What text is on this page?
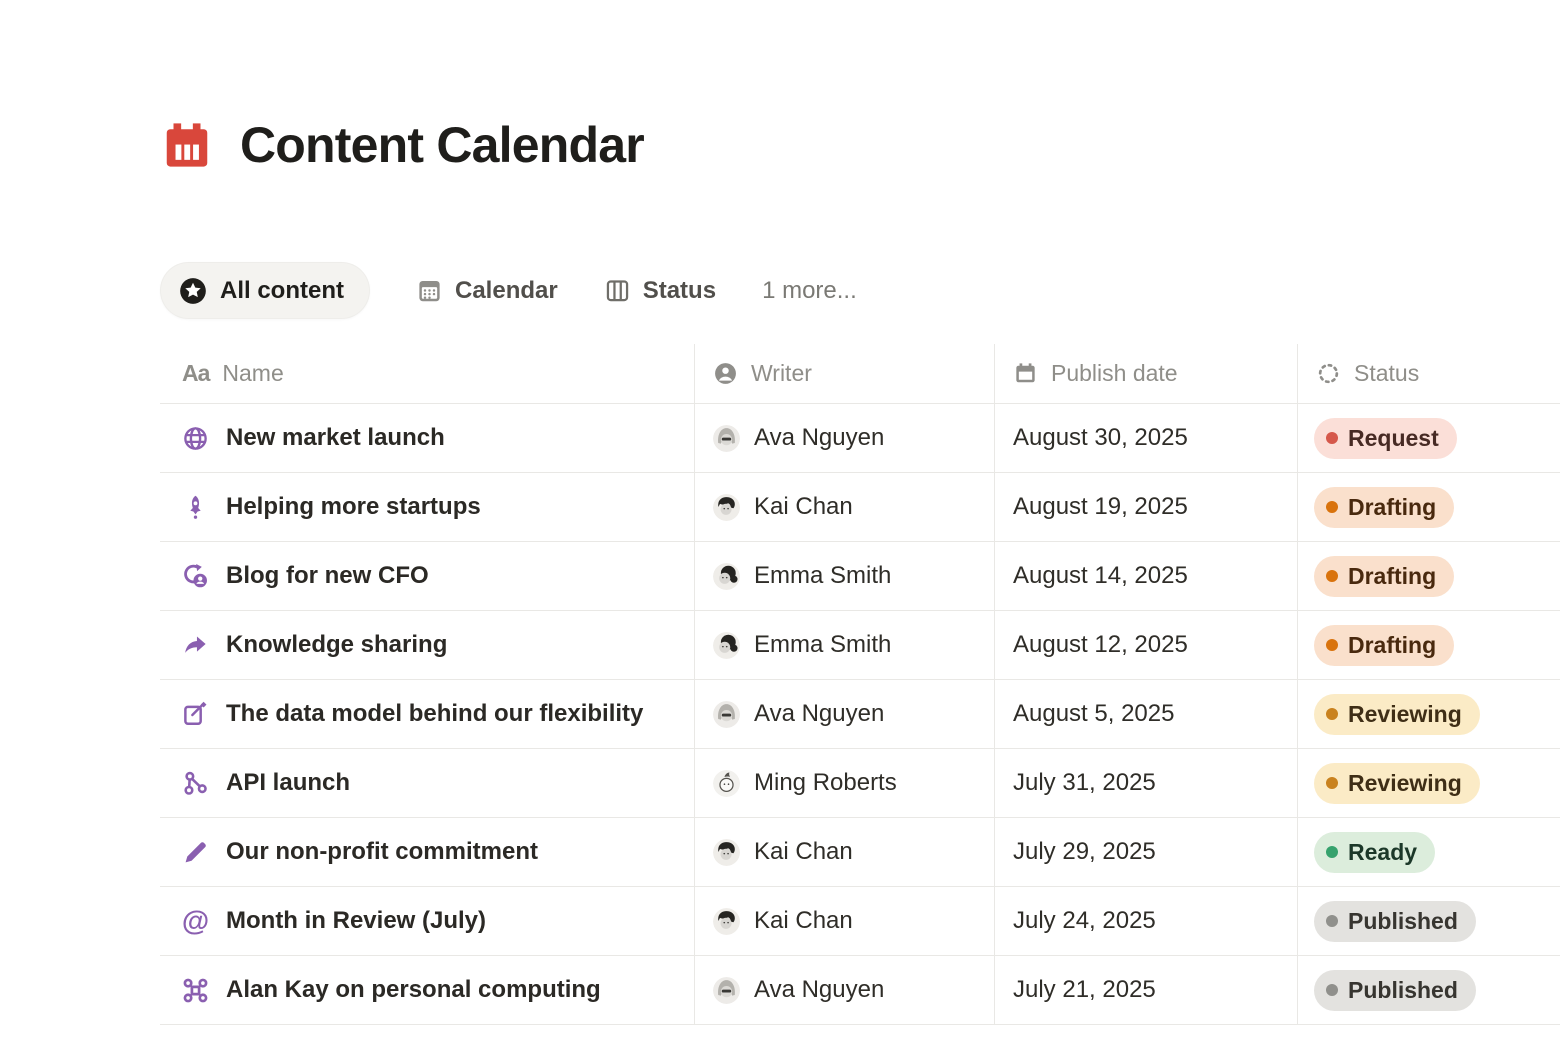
Content Calendar
All content	Calendar	Status 1 more...
Aa Name	Writer	Publish date	Status
New market launch	Ava Nguyen	August 30, 2025	Request
Helping more startups	Kai Chan	August 19, 2025	Drafting
Blog for new CFO	Emma Smith	August 14, 2025	Drafting
Knowledge sharing	Emma Smith	August 12, 2025	Drafting
The data model behind our flexibility	Ava Nguyen	August 5, 2025	Reviewing
API launch	Ming Roberts	July 31, 2025	Reviewing
Our non-profit commitment	Kai Chan	July 29, 2025	Ready
@ Month in Review (July)	Kai Chan	July 24, 2025	Published
Alan Kay on personal computing	Ava Nguyen	July 21, 2025	Published
